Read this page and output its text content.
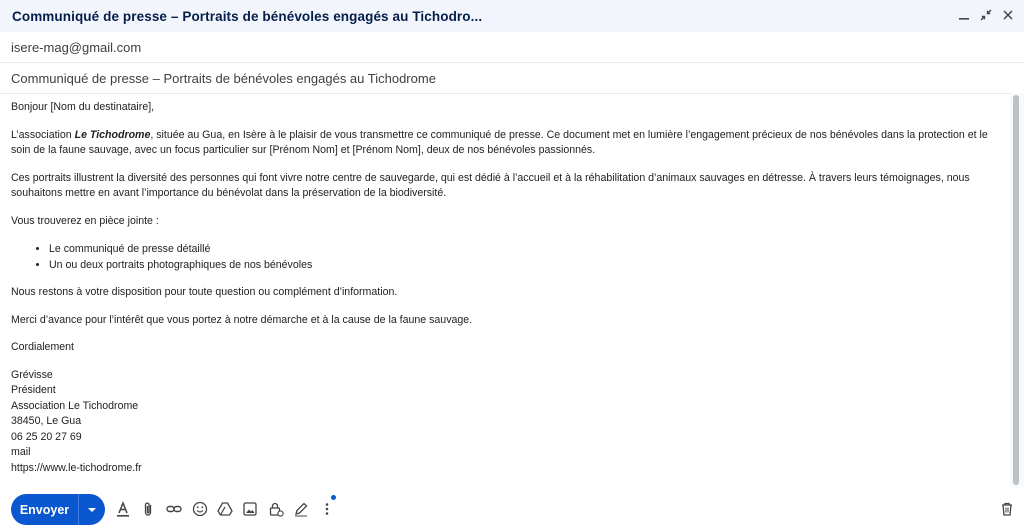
Communiqué de presse – Portraits de bénévoles engagés au Tichodro...
isere-mag@gmail.com
Communiqué de presse – Portraits de bénévoles engagés au Tichodrome

Bonjour [Nom du destinataire],

L’association Le Tichodrome, située au Gua, en Isère à le plaisir de vous transmettre ce communiqué de presse. Ce document met en lumière l’engagement précieux de nos bénévoles dans la protection et le soin de la faune sauvage, avec un focus particulier sur [Prénom Nom] et [Prénom Nom], deux de nos bénévoles passionnés.

Ces portraits illustrent la diversité des personnes qui font vivre notre centre de sauvegarde, qui est dédié à l’accueil et à la réhabilitation d’animaux sauvages en détresse. À travers leurs témoignages, nous souhaitons mettre en avant l’importance du bénévolat dans la préservation de la biodiversité.

Vous trouverez en pièce jointe :

• Le communiqué de presse détaillé
• Un ou deux portraits photographiques de nos bénévoles

Nous restons à votre disposition pour toute question ou complément d’information.

Merci d’avance pour l’intérêt que vous portez à notre démarche et à la cause de la faune sauvage.

Cordialement

Grévisse

Président

Association Le Tichodrome

38450, Le Gua

06 25 20 27 69

mail

https://www.le-tichodrome.fr

Envoyer
